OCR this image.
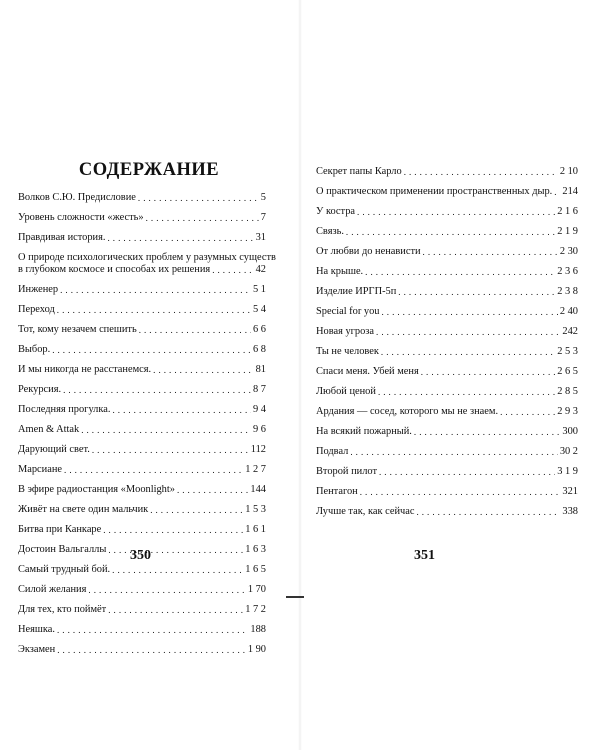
СОДЕРЖАНИЕ
Волков С.Ю. Предисловие . . .	5
Уровень сложности «жесть» . . .	7
Правдивая история. . . .	31
О природе психологических проблем у разумных существ
в глубоком космосе и способах их решения . . .	42
Инженер . . .	5 1
Переход . . .	5 4
Тот, кому незачем спешить . . .	6 6
Выбор. . . .	6 8
И мы никогда не расстанемся. . . .	81
Рекурсия. . . .	8 7
Последняя прогулка. . . .	9 4
Amen & Attak . . .	9 6
Дарующий свет. . . .	112
Марсиане . . .	1 2 7
В эфире радиостанция «Moonlight» . . .	144
Живёт на свете один мальчик . . .	1 5 3
Битва при Канкаре . . .	1 6 1
Достоин Вальгаллы . . .	1 6 3
Самый трудный бой. . . .	1 6 5
Силой желания . . .	1 70
Для тех, кто поймёт . . .	1 7 2
Неяшка. . . .	188
Экзамен . . .	1 90
350
Секрет папы Карло . . .	2 10
О практическом применении пространственных дыр. . . . 214
У костра . . .	2 1 6
Связь. . . .	2 1 9
От любви до ненависти . . .	2 30
На крыше. . . .	2 3 6
Изделие ИРГП-5п . . .	2 3 8
Special for you . . .	2 40
Новая угроза . . .	242
Ты не человек . . .	2 5 3
Спаси меня. Убей меня . . .	2 6 5
Любой ценой . . .	2 8 5
Ардания — сосед, которого мы не знаем. . . .	2 9 3
На всякий пожарный. . . .	300
Подвал . . .	30 2
Второй пилот . . .	3 1 9
Пентагон . . .	321
Лучше так, как сейчас . . .	338
351
